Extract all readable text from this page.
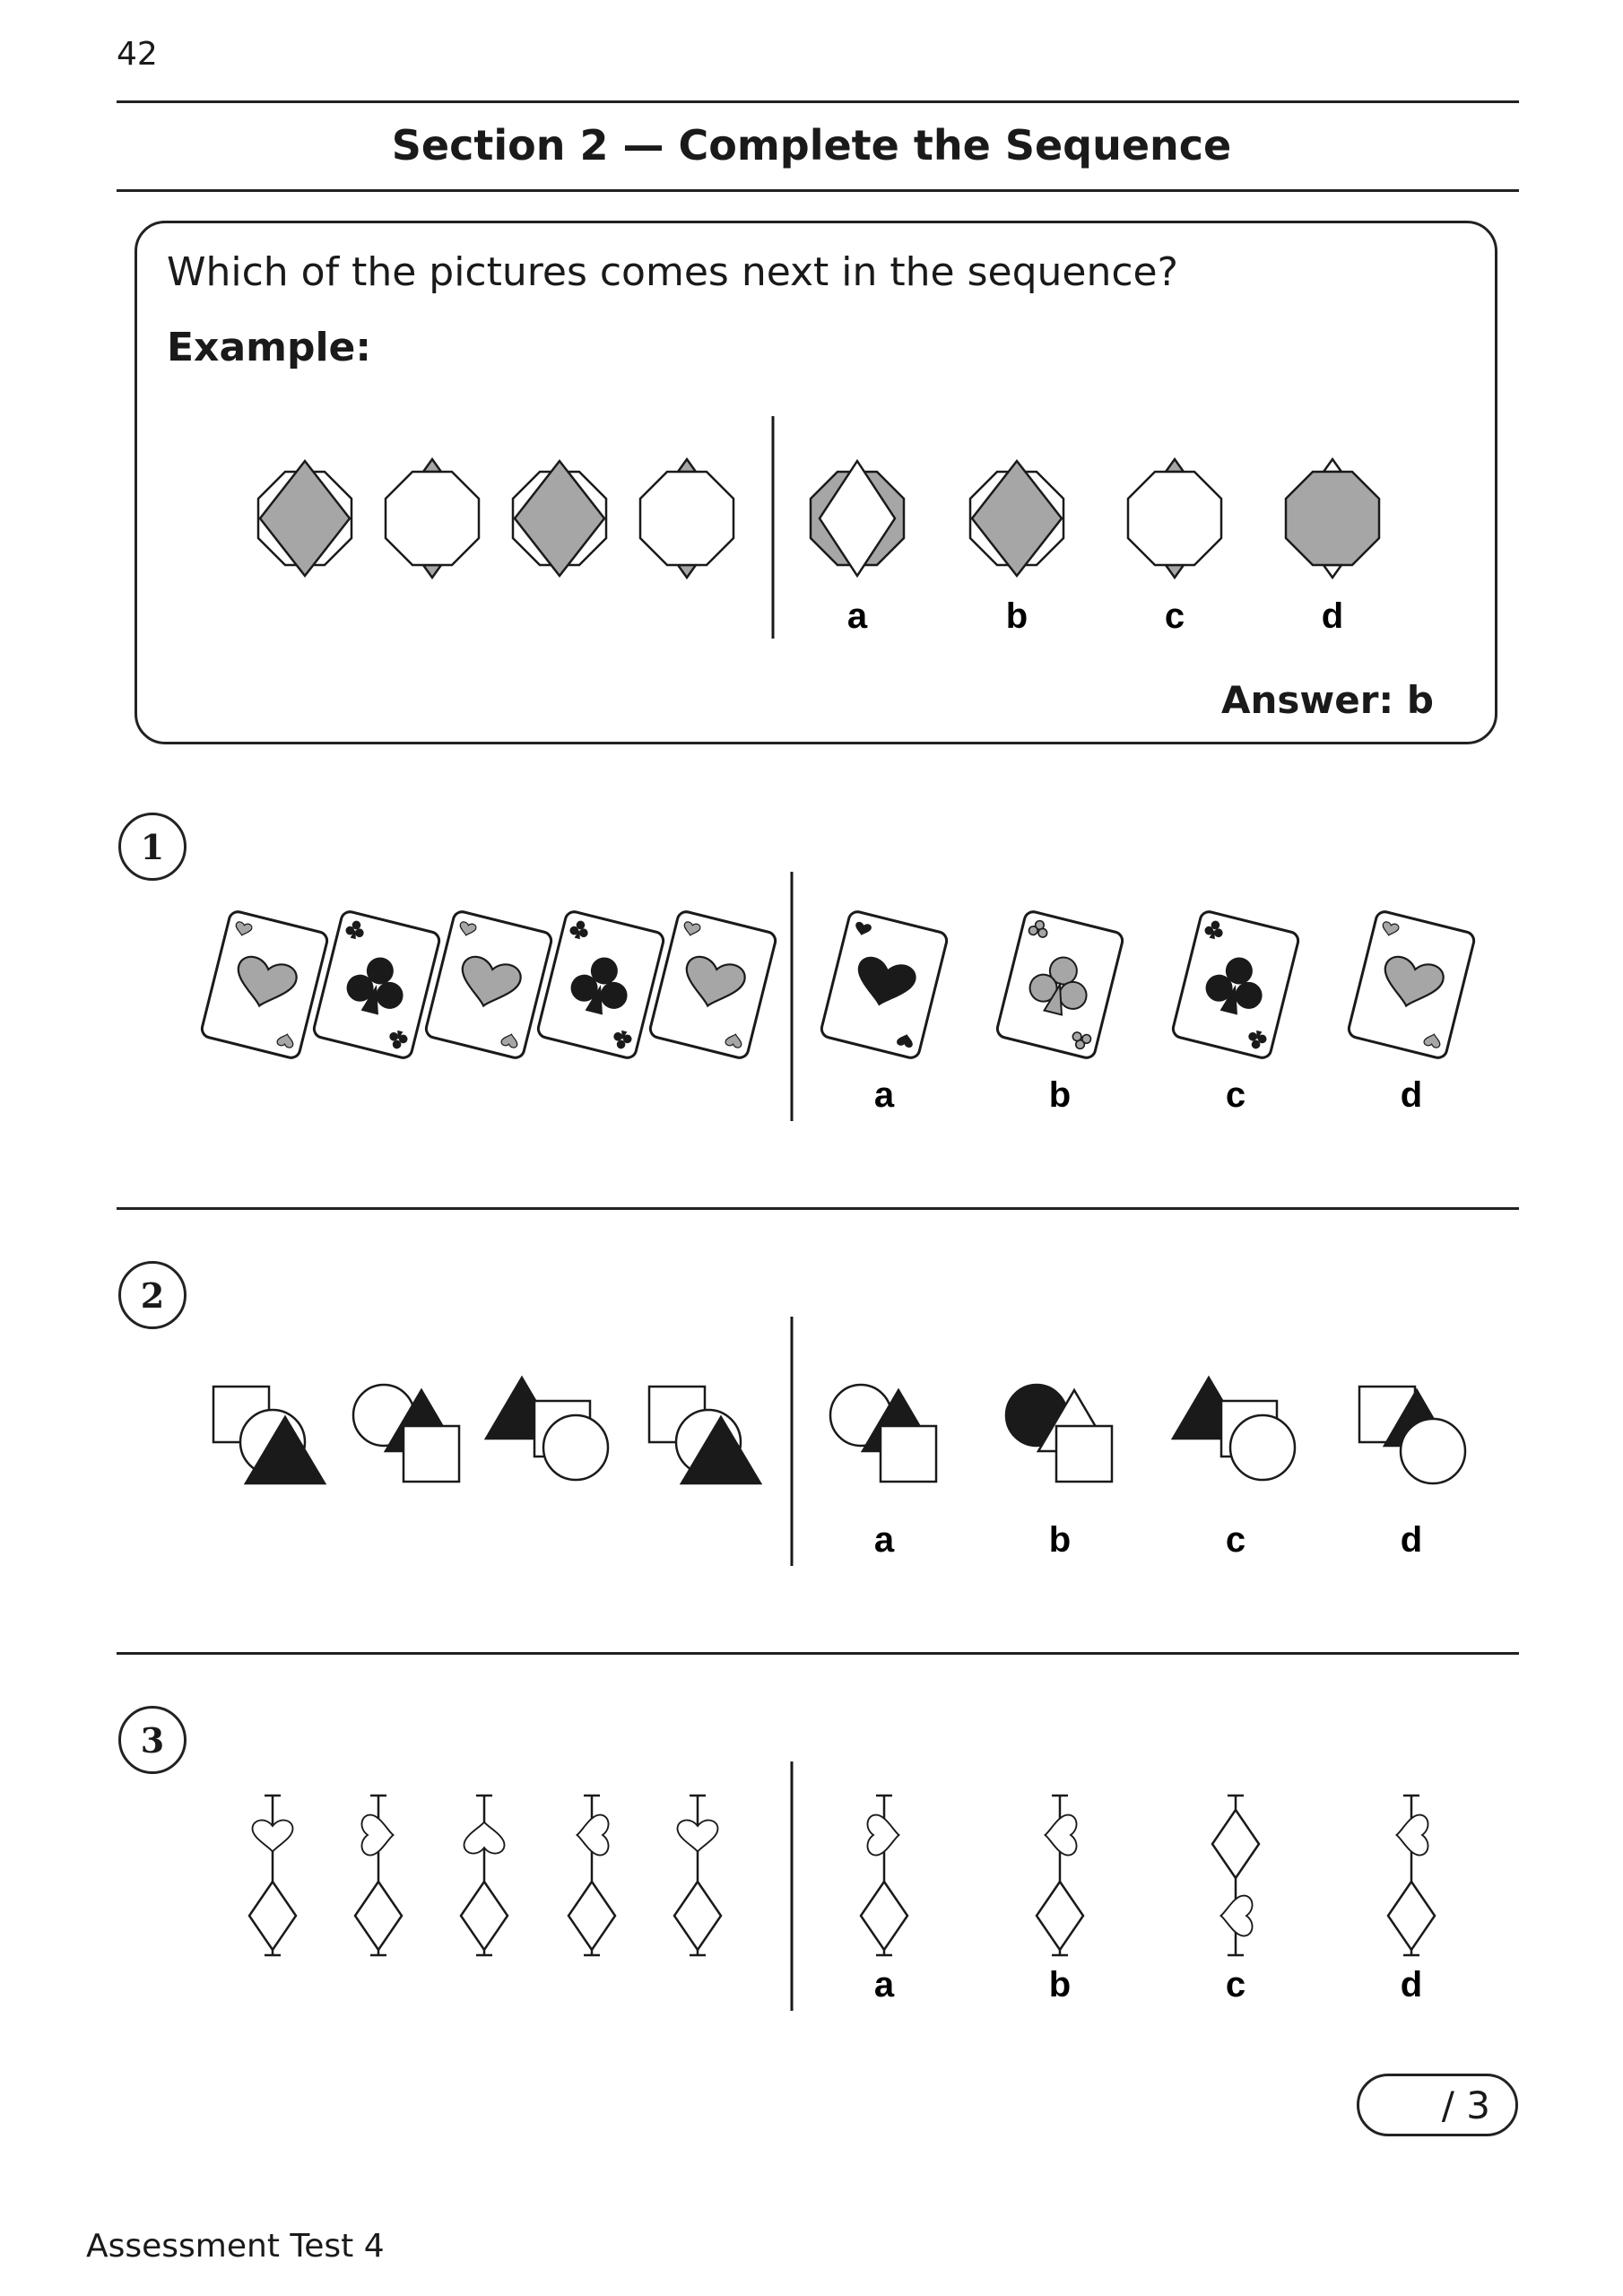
42
Section 2 — Complete the Sequence
Which of the pictures comes next in the sequence?
Example:
Answer: b
1
2
3
/ 3
Assessment Test 4
a	b	c	d
a	b	c	d
a	b	c	d
a	b	c	d
